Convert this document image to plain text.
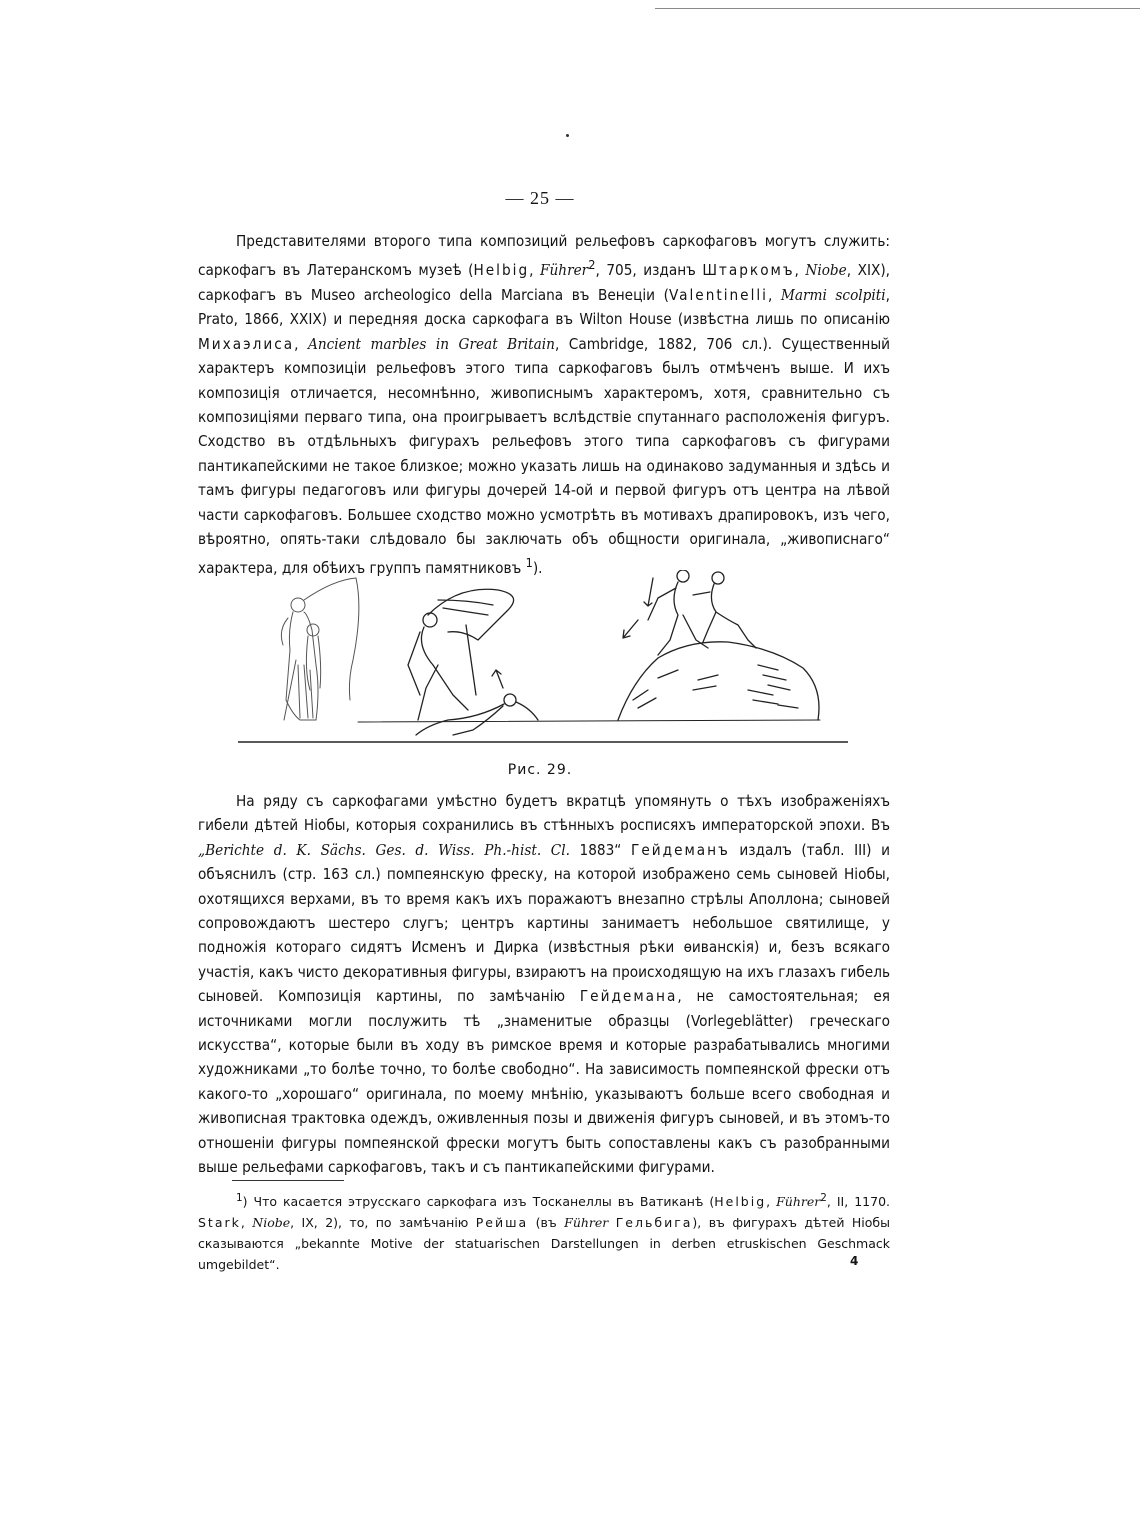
— 25 —

Представителями второго типа композиций рельефовъ саркофаговъ могутъ служить: саркофагъ въ Латеранскомъ музеѣ (Helbig, Führer$^2$, 705, изданъ Штаркомъ, Niobe, XIX), саркофагъ въ Museo archeologico della Marciana въ Венеціи (Valentinelli, Marmi scolpiti, Prato, 1866, XXIX) и передняя доска саркофага въ Wilton House (извѣстна лишь по описанію Михаэлиса, Ancient marbles in Great Britain, Cambridge, 1882, 706 сл.). Существенный характеръ композиціи рельефовъ этого типа саркофаговъ былъ отмѣченъ выше. И ихъ композиція отличается, несомнѣнно, живописнымъ характеромъ, хотя, сравнительно съ композиціями перваго типа, она проигрываетъ вслѣдствіе спутаннаго расположенія фигуръ. Сходство въ отдѣльныхъ фигурахъ рельефовъ этого типа саркофаговъ съ фигурами пантикапейскими не такое близкое; можно указать лишь на одинаково задуманныя и здѣсь и тамъ фигуры педагоговъ или фигуры дочерей 14-ой и первой фигуръ отъ центра на лѣвой части саркофаговъ. Большее сходство можно усмотрѣть въ мотивахъ драпировокъ, изъ чего, вѣроятно, опять-таки слѣдовало бы заключать объ общности оригинала, „живописнаго“ характера, для обѣихъ группъ памятниковъ $^1$).

Рис. 29.

На ряду съ саркофагами умѣстно будетъ вкратцѣ упомянуть о тѣхъ изображеніяхъ гибели дѣтей Ніобы, которыя сохранились въ стѣнныхъ росписяхъ императорской эпохи. Въ „Berichte d. K. Sächs. Ges. d. Wiss. Ph.-hist. Cl. 1883“ Гейдеманъ издалъ (табл. III) и объяснилъ (стр. 163 сл.) помпеянскую фреску, на которой изображено семь сыновей Ніобы, охотящихся верхами, въ то время какъ ихъ поражаютъ внезапно стрѣлы Аполлона; сыновей сопровождаютъ шестеро слугъ; центръ картины занимаетъ небольшое святилище, у подножія котораго сидятъ Исменъ и Дирка (извѣстныя рѣки ѳиванскія) и, безъ всякаго участія, какъ чисто декоративныя фигуры, взираютъ на происходящую на ихъ глазахъ гибель сыновей. Композиція картины, по замѣчанію Гейдемана, не самостоятельная; ея источниками могли послужить тѣ „знаменитые образцы (Vorlegeblätter) греческаго искусства“, которые были въ ходу въ римское время и которые разрабатывались многими художниками „то болѣе точно, то болѣе свободно“. На зависимость помпеянской фрески отъ какого-то „хорошаго“ оригинала, по моему мнѣнію, указываютъ больше всего свободная и живописная трактовка одеждъ, оживленныя позы и движенія фигуръ сыновей, и въ этомъ-то отношеніи фигуры помпеянской фрески могутъ быть сопоставлены какъ съ разобранными выше рельефами саркофаговъ, такъ и съ пантикапейскими фигурами.

$^1$) Что касается этрусскаго саркофага изъ Тосканеллы въ Ватиканѣ (Helbig, Führer$^2$, II, 1170. Stark, Niobe, IX, 2), то, по замѣчанію Рейша (въ Führer Гельбига), въ фигурахъ дѣтей Ніобы сказываются „bekannte Motive der statuarischen Darstellungen in derben etruskischen Geschmack umgebildet“.	4
